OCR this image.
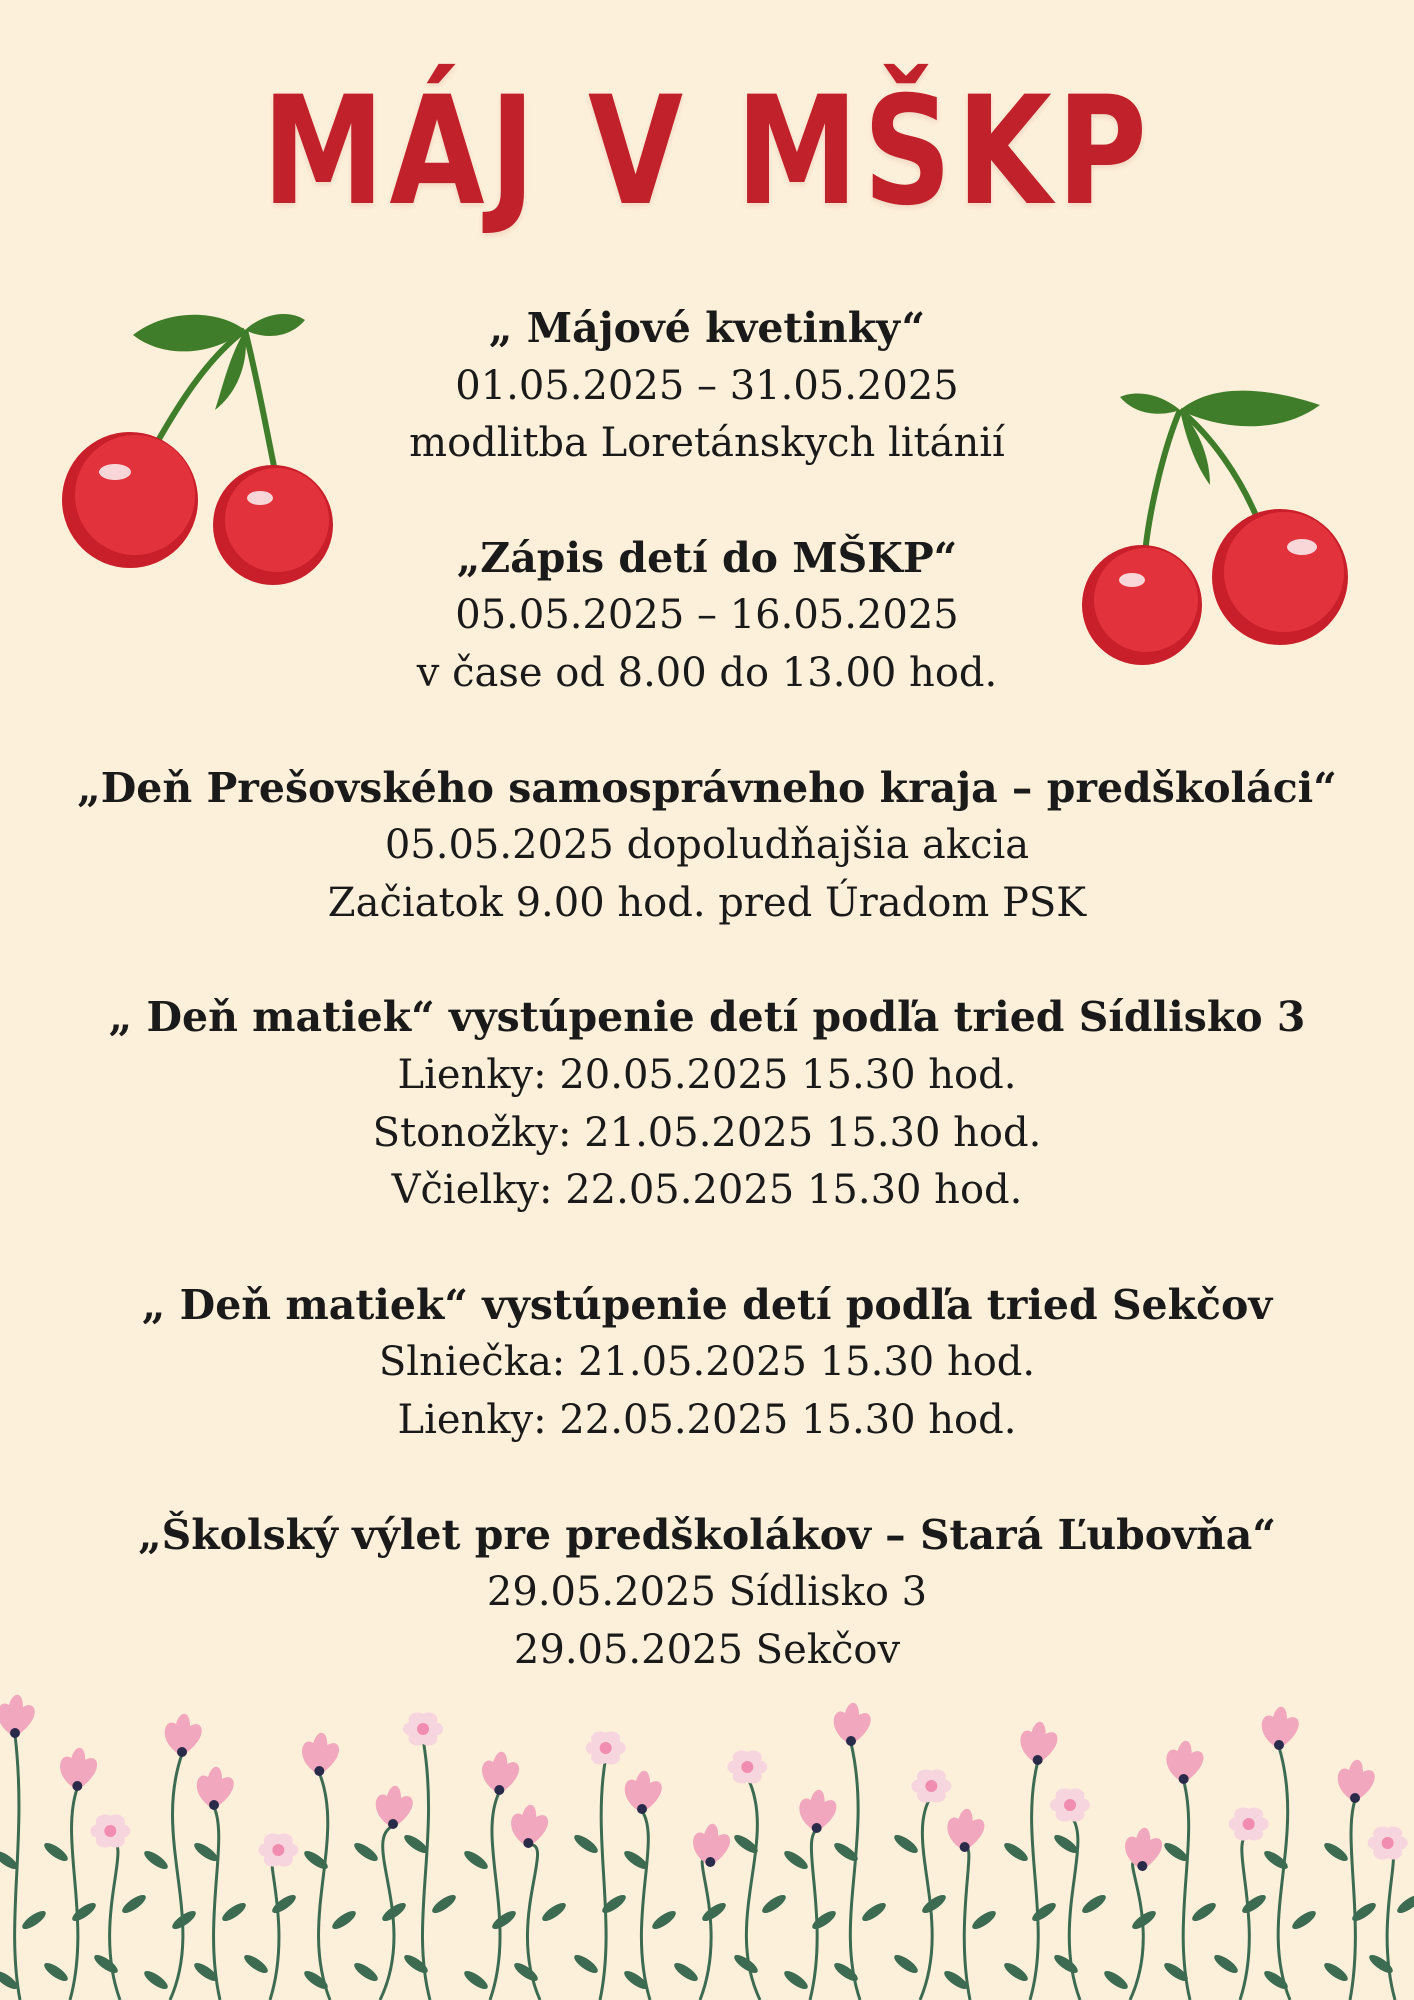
MÁJ V MŠKP
„ Májové kvetinky“
01.05.2025 – 31.05.2025
modlitba Loretánskych litánií
„Zápis detí do MŠKP“
05.05.2025 – 16.05.2025
v čase od 8.00 do 13.00 hod.
„Deň Prešovského samosprávneho kraja – predškoláci“
05.05.2025 dopoludňajšia akcia
Začiatok 9.00 hod. pred Úradom PSK
„ Deň matiek“ vystúpenie detí podľa tried Sídlisko 3
Lienky: 20.05.2025 15.30 hod.
Stonožky: 21.05.2025 15.30 hod.
Včielky: 22.05.2025 15.30 hod.
„ Deň matiek“ vystúpenie detí podľa tried Sekčov
Slniečka: 21.05.2025 15.30 hod.
Lienky: 22.05.2025 15.30 hod.
„Školský výlet pre predškolákov – Stará Ľubovňa“
29.05.2025 Sídlisko 3
29.05.2025 Sekčov
